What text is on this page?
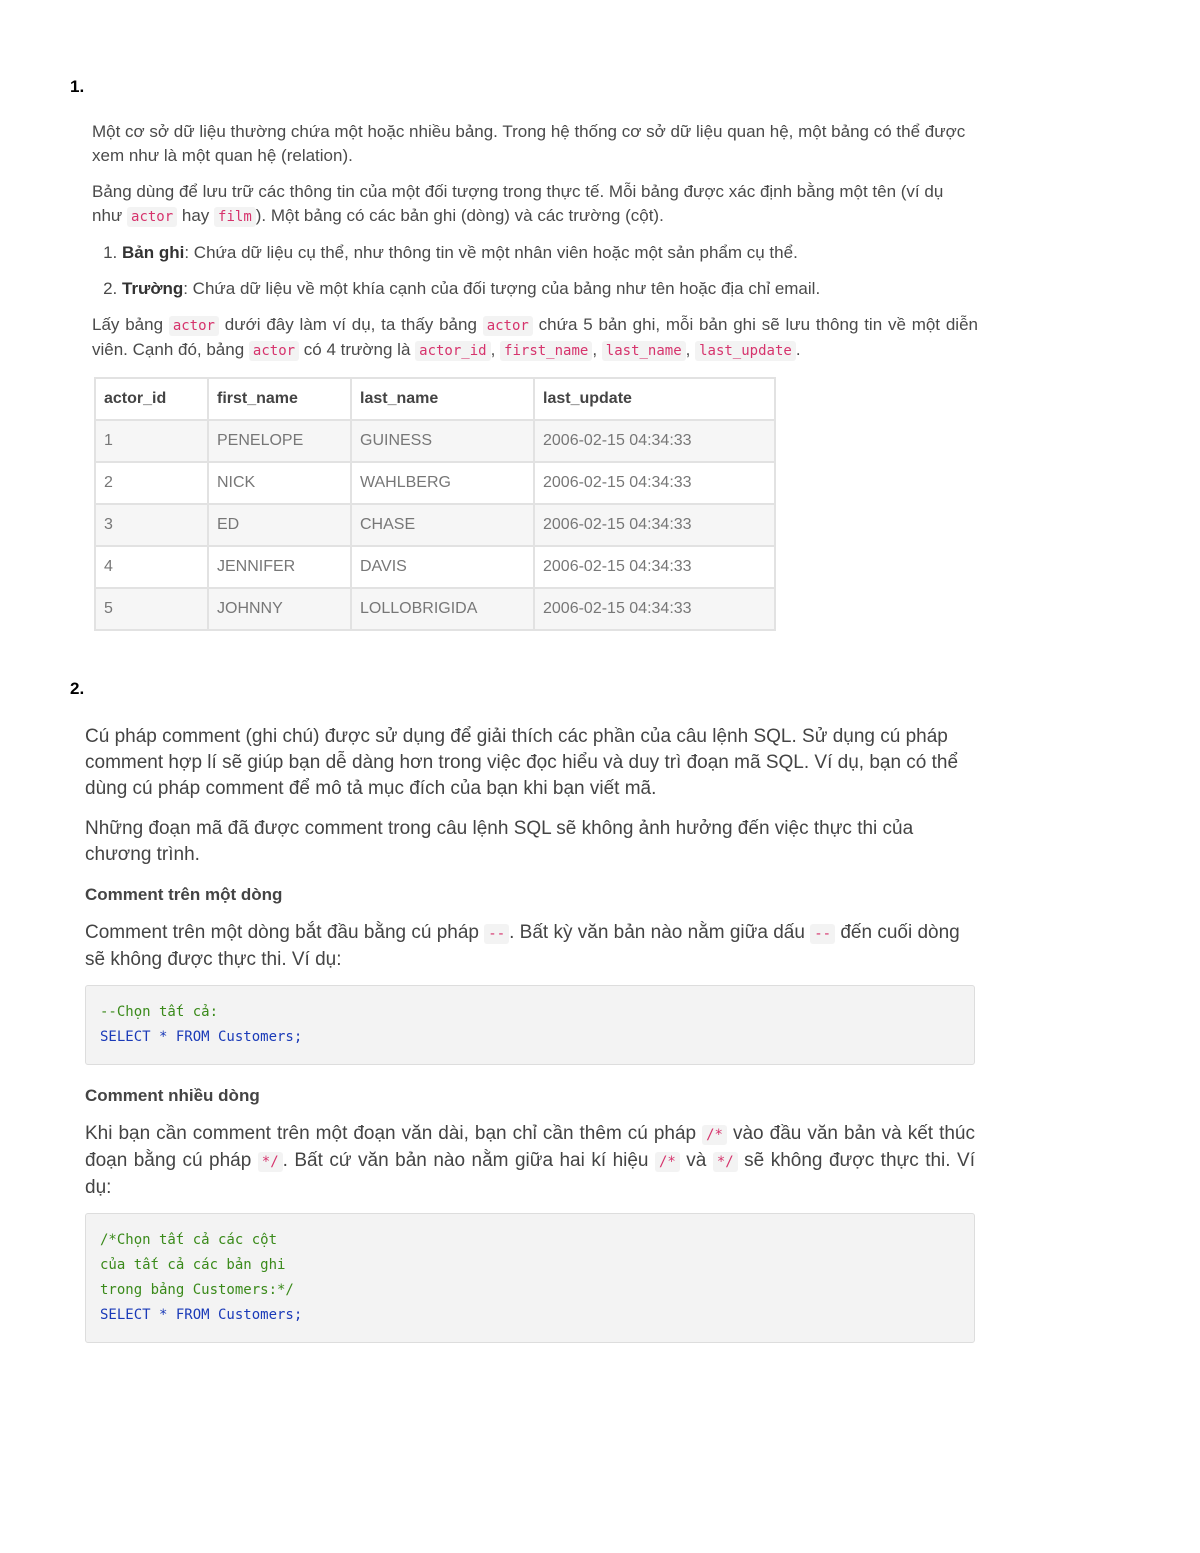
1.

Một cơ sở dữ liệu thường chứa một hoặc nhiều bảng. Trong hệ thống cơ sở dữ liệu quan hệ, một bảng có thể được xem như là một quan hệ (relation).

Bảng dùng để lưu trữ các thông tin của một đối tượng trong thực tế. Mỗi bảng được xác định bằng một tên (ví dụ như actor hay film ). Một bảng có các bản ghi (dòng) và các trường (cột).

1. Bản ghi: Chứa dữ liệu cụ thể, như thông tin về một nhân viên hoặc một sản phẩm cụ thể.
2. Trường: Chứa dữ liệu về một khía cạnh của đối tượng của bảng như tên hoặc địa chỉ email.

Lấy bảng actor dưới đây làm ví dụ, ta thấy bảng actor chứa 5 bản ghi, mỗi bản ghi sẽ lưu thông tin về một diễn viên. Cạnh đó, bảng actor có 4 trường là actor_id , first_name , last_name , last_update .

actor_id	first_name	last_name	last_update
1	PENELOPE	GUINESS	2006-02-15 04:34:33
2	NICK	WAHLBERG	2006-02-15 04:34:33
3	ED	CHASE	2006-02-15 04:34:33
4	JENNIFER	DAVIS	2006-02-15 04:34:33
5	JOHNNY	LOLLOBRIGIDA	2006-02-15 04:34:33
2.

Cú pháp comment (ghi chú) được sử dụng để giải thích các phần của câu lệnh SQL. Sử dụng cú pháp comment hợp lí sẽ giúp bạn dễ dàng hơn trong việc đọc hiểu và duy trì đoạn mã SQL. Ví dụ, bạn có thể dùng cú pháp comment để mô tả mục đích của bạn khi bạn viết mã.

Những đoạn mã đã được comment trong câu lệnh SQL sẽ không ảnh hưởng đến việc thực thi của chương trình.

Comment trên một dòng

Comment trên một dòng bắt đầu bằng cú pháp -- . Bất kỳ văn bản nào nằm giữa dấu -- đến cuối dòng sẽ không được thực thi. Ví dụ:

--Chọn tất cả:
SELECT * FROM Customers;
Comment nhiều dòng

Khi bạn cần comment trên một đoạn văn dài, bạn chỉ cần thêm cú pháp /* vào đầu văn bản và kết thúc đoạn bằng cú pháp */ . Bất cứ văn bản nào nằm giữa hai kí hiệu /* và */ sẽ không được thực thi. Ví dụ:

/*Chọn tất cả các cột
của tất cả các bản ghi
trong bảng Customers:*/
SELECT * FROM Customers;
